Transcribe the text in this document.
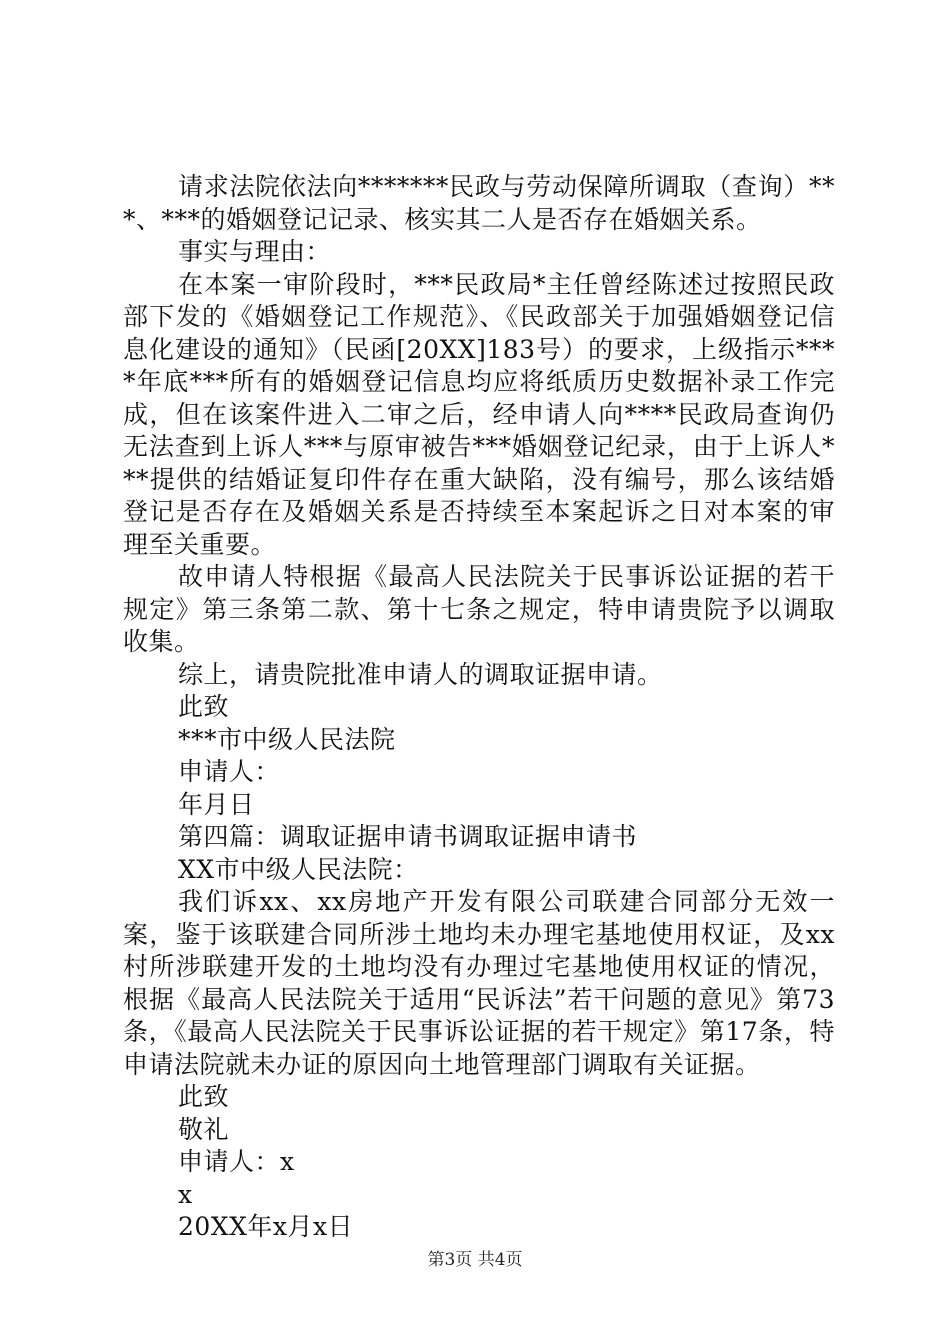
请求法院依法向*******民政与劳动保障所调取（查询）***、***的婚姻登记记录、核实其二人是否存在婚姻关系。

事实与理由：

在本案一审阶段时，***民政局*主任曾经陈述过按照民政部下发的《婚姻登记工作规范》、《民政部关于加强婚姻登记信息化建设的通知》（民函[20XX]183号）的要求，上级指示****年底***所有的婚姻登记信息均应将纸质历史数据补录工作完成，但在该案件进入二审之后，经申请人向****民政局查询仍无法查到上诉人***与原审被告***婚姻登记纪录，由于上诉人***提供的结婚证复印件存在重大缺陷，没有编号，那么该结婚登记是否存在及婚姻关系是否持续至本案起诉之日对本案的审理至关重要。

故申请人特根据《最高人民法院关于民事诉讼证据的若干规定》第三条第二款、第十七条之规定，特申请贵院予以调取收集。

综上，请贵院批准申请人的调取证据申请。

此致

***市中级人民法院

申请人：

年月日

第四篇：调取证据申请书调取证据申请书

XX市中级人民法院：

我们诉xx、xx房地产开发有限公司联建合同部分无效一案，鉴于该联建合同所涉土地均未办理宅基地使用权证，及xx村所涉联建开发的土地均没有办理过宅基地使用权证的情况，根据《最高人民法院关于适用“民诉法”若干问题的意见》第73条，《最高人民法院关于民事诉讼证据的若干规定》第17条，特申请法院就未办证的原因向土地管理部门调取有关证据。

此致

敬礼

申请人：x

x

20XX年x月x日

第3页 共4页
